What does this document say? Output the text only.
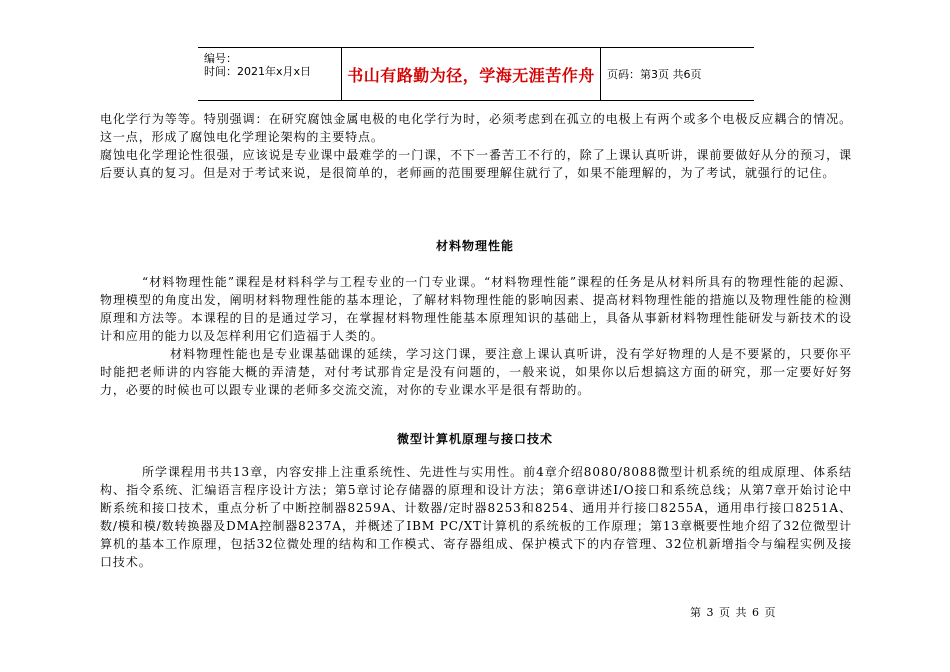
编号：
时间：2021年x月x日	书山有路勤为径，学海无涯苦作舟	页码：第3页 共6页

电化学行为等等。特别强调：在研究腐蚀金属电极的电化学行为时，必须考虑到在孤立的电极上有两个或多个电极反应耦合的情况。这一点，形成了腐蚀电化学理论架构的主要特点。

腐蚀电化学理论性很强，应该说是专业课中最难学的一门课，不下一番苦工不行的，除了上课认真听讲，课前要做好从分的预习，课后要认真的复习。但是对于考试来说，是很简单的，老师画的范围要理解住就行了，如果不能理解的，为了考试，就强行的记住。

材料物理性能

“材料物理性能”课程是材料科学与工程专业的一门专业课。“材料物理性能”课程的任务是从材料所具有的物理性能的起源、物理模型的角度出发，阐明材料物理性能的基本理论，了解材料物理性能的影响因素、提高材料物理性能的措施以及物理性能的检测原理和方法等。本课程的目的是通过学习，在掌握材料物理性能基本原理知识的基础上，具备从事新材料物理性能研发与新技术的设计和应用的能力以及怎样利用它们造福于人类的。

材料物理性能也是专业课基础课的延续，学习这门课，要注意上课认真听讲，没有学好物理的人是不要紧的，只要你平时能把老师讲的内容能大概的弄清楚，对付考试那肯定是没有问题的，一般来说，如果你以后想搞这方面的研究，那一定要好好努力，必要的时候也可以跟专业课的老师多交流交流，对你的专业课水平是很有帮助的。

微型计算机原理与接口技术

所学课程用书共13章，内容安排上注重系统性、先进性与实用性。前4章介绍8080/8088微型计机系统的组成原理、体系结构、指令系统、汇编语言程序设计方法；第5章讨论存储器的原理和设计方法；第6章讲述I/O接口和系统总线；从第7章开始讨论中断系统和接口技术，重点分析了中断控制器8259A、计数器/定时器8253和8254、通用并行接口8255A，通用串行接口8251A、数/模和模/数转换器及DMA控制器8237A，并概述了IBM PC/XT计算机的系统板的工作原理；第13章概要性地介绍了32位微型计算机的基本工作原理，包括32位微处理的结构和工作模式、寄存器组成、保护模式下的内存管理、32位机新增指令与编程实例及接口技术。

第 3 页 共 6 页
